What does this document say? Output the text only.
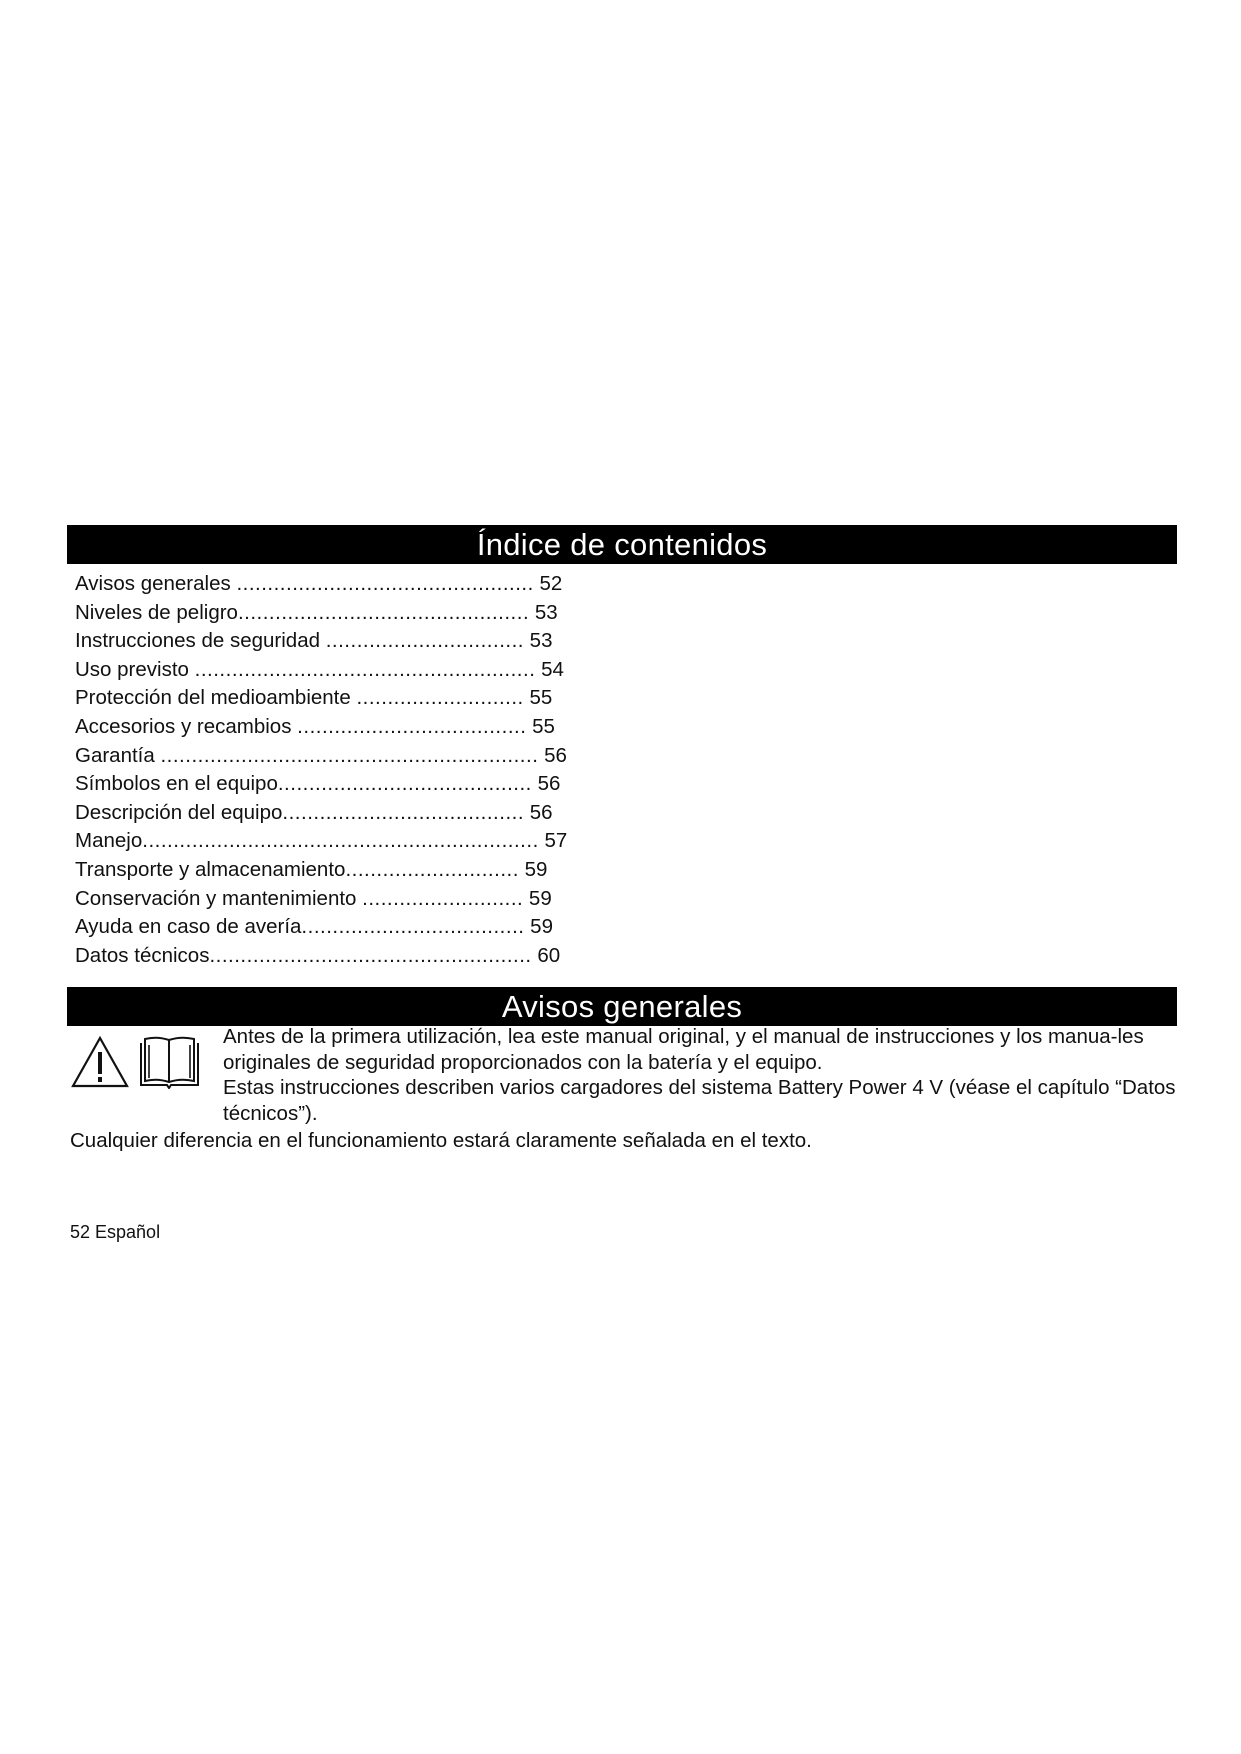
Índice de contenidos
Avisos generales ................................................ 52
Niveles de peligro............................................... 53
Instrucciones de seguridad ................................ 53
Uso previsto ....................................................... 54
Protección del medioambiente ........................... 55
Accesorios y recambios ..................................... 55
Garantía ............................................................. 56
Símbolos en el equipo......................................... 56
Descripción del equipo....................................... 56
Manejo................................................................ 57
Transporte y almacenamiento............................ 59
Conservación y mantenimiento .......................... 59
Ayuda en caso de avería.................................... 59
Datos técnicos.................................................... 60
Avisos generales

Antes de la primera utilización, lea este manual original, y el manual de instrucciones y los manua-les originales de seguridad proporcionados con la batería y el equipo.

Estas instrucciones describen varios cargadores del sistema Battery Power 4 V (véase el capítulo “Datos técnicos”).

Cualquier diferencia en el funcionamiento estará claramente señalada en el texto.

52 Español
